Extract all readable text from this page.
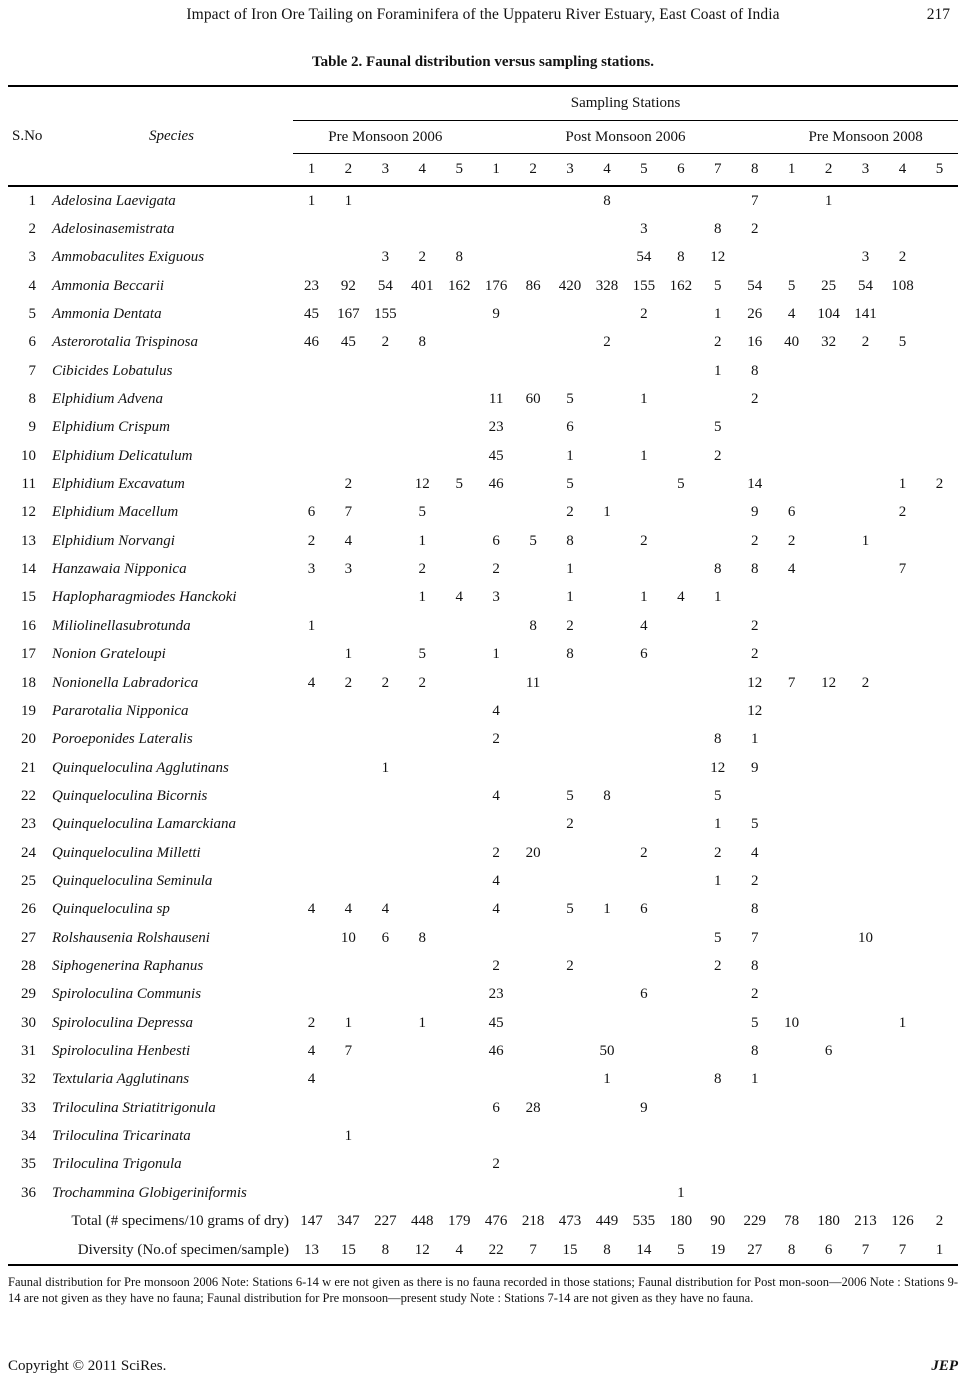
Impact of Iron Ore Tailing on Foraminifera of the Uppateru River Estuary, East Coast of India	217
Table 2. Faunal distribution versus sampling stations.
S.No	Species	Sampling Stations																	
		Pre Monsoon 2006					Post Monsoon 2006								Pre Monsoon 2008				
		1	2	3	4	5	1	2	3	4	5	6	7	8	1	2	3	4	5
1	Adelosina Laevigata	1	1							8				7		1			
2	Adelosinasemistrata										3		8	2					
3	Ammobaculites Exiguous			3	2	8					54	8	12				3	2	
4	Ammonia Beccarii	23	92	54	401	162	176	86	420	328	155	162	5	54	5	25	54	108	
5	Ammonia Dentata	45	167	155			9				2		1	26	4	104	141		
6	Asterorotalia Trispinosa	46	45	2	8					2			2	16	40	32	2	5	
7	Cibicides Lobatulus												1	8					
8	Elphidium Advena						11	60	5		1			2					
9	Elphidium Crispum						23		6				5						
10	Elphidium Delicatulum						45		1		1		2						
11	Elphidium Excavatum		2		12	5	46		5			5		14				1	2
12	Elphidium Macellum	6	7		5				2	1				9	6			2	
13	Elphidium Norvangi	2	4		1		6	5	8		2			2	2		1		
14	Hanzawaia Nipponica	3	3		2		2		1				8	8	4			7	
15	Haplopharagmiodes Hanckoki				1	4	3		1		1	4	1						
16	Miliolinellasubrotunda	1						8	2		4			2					
17	Nonion Grateloupi		1		5		1		8		6			2					
18	Nonionella Labradorica	4	2	2	2			11						12	7	12	2		
19	Pararotalia Nipponica						4							12					
20	Poroeponides Lateralis						2						8	1					
21	Quinqueloculina Agglutinans			1									12	9					
22	Quinqueloculina Bicornis						4		5	8			5						
23	Quinqueloculina Lamarckiana								2				1	5					
24	Quinqueloculina Milletti						2	20			2		2	4					
25	Quinqueloculina Seminula						4						1	2					
26	Quinqueloculina sp	4	4	4			4		5	1	6			8					
27	Rolshausenia Rolshauseni		10	6	8								5	7			10		
28	Siphogenerina Raphanus						2		2				2	8					
29	Spiroloculina Communis						23				6			2					
30	Spiroloculina Depressa	2	1		1		45							5	10			1	
31	Spiroloculina Henbesti	4	7				46			50				8		6			
32	Textularia Agglutinans	4								1			8	1					
33	Triloculina Striatitrigonula						6	28			9								
34	Triloculina Tricarinata		1																
35	Triloculina Trigonula						2												
36	Trochammina Globigeriniformis											1							
Total (# specimens/10 grams of dry)		147	347	227	448	179	476	218	473	449	535	180	90	229	78	180	213	126	2
Diversity (No.of specimen/sample)		13	15	8	12	4	22	7	15	8	14	5	19	27	8	6	7	7	1
Faunal distribution for Pre monsoon 2006 Note: Stations 6-14 w ere not given as there is no fauna recorded in those stations; Faunal distribution for Post mon-soon—2006 Note : Stations 9-14 are not given as they have no fauna; Faunal distribution for Pre monsoon—present study Note : Stations 7-14 are not given as they have no fauna.
Copyright © 2011 SciRes.	JEP
